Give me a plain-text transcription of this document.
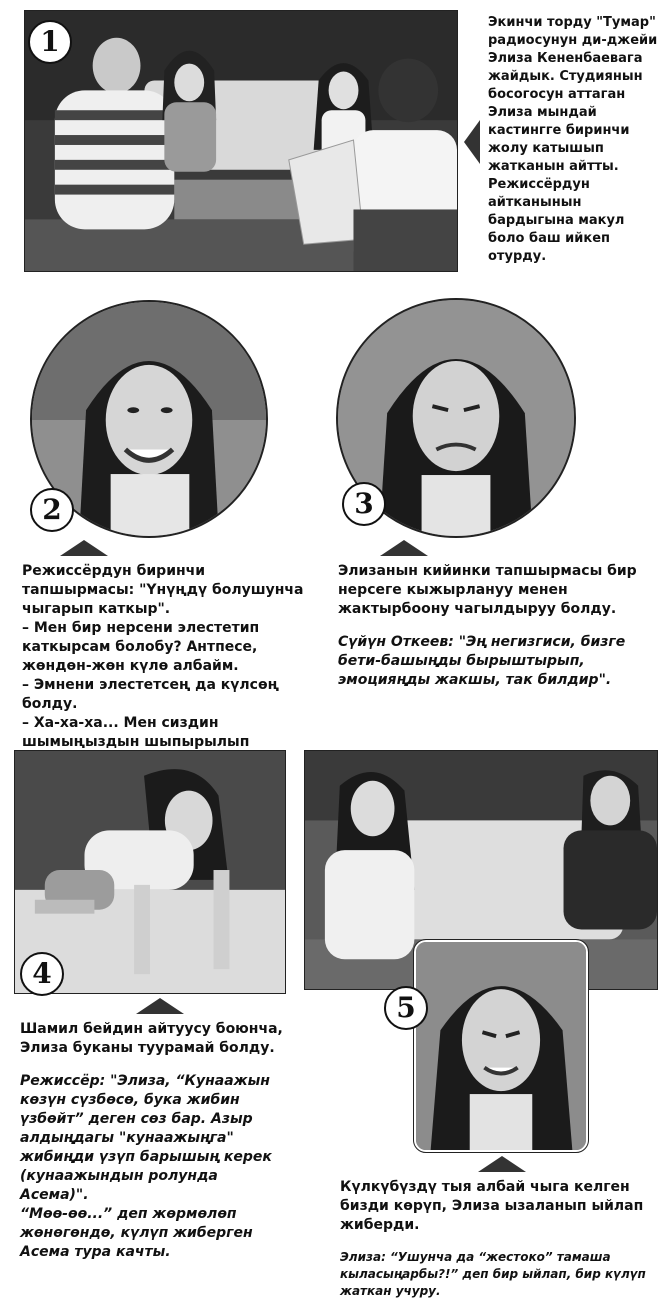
1
Экинчи торду "Тумар" радиосунун ди-джейи Элиза Кененбаевага жайдык. Студиянын босогосун аттаган Элиза мындай кастингге биринчи жолу катышып жатканын айтты. Режиссёрдун айтканынын бардыгына макул боло баш ийкеп отурду.
2

Режиссёрдун биринчи тапшырмасы: "Үнүңдү болушунча чыгарып каткыр".

– Мен бир нерсени элестетип каткырсам болобу? Антпесе, жөндөн-жөн күлө албайм.

– Эмнени элестетсең да күлсөң болду.

– Ха-ха-ха... Мен сиздин шымыңыздын шыпырылып

3

Элизанын кийинки тапшырмасы бир нерсеге кыжырлануу менен жактырбоону чагылдыруу болду.

Сүйүн Откеев: "Эң негизгиси, бизге бети-башыңды бырыштырып, эмоцияңды жакшы, так билдир".

4

Шамил бейдин айтуусу боюнча, Элиза буканы туурамай болду.

Режиссёр: "Элиза, “Кунаажын көзүн сүзбөсө, бука жибин үзбөйт” деген сөз бар. Азыр алдыңдагы "кунаажыңга" жибиңди үзүп барышың керек (кунаажындын ролунда Асема)".

“Мөө-өө...” деп жөрмөлөп жөнөгөндө, күлүп жиберген Асема тура качты.

5

Күлкүбүздү тыя албай чыга келген бизди көрүп, Элиза ызаланып ыйлап жиберди.

Элиза: “Ушунча да “жестоко” тамаша кыласыңарбы?!” деп бир ыйлап, бир күлүп жаткан учуру.
